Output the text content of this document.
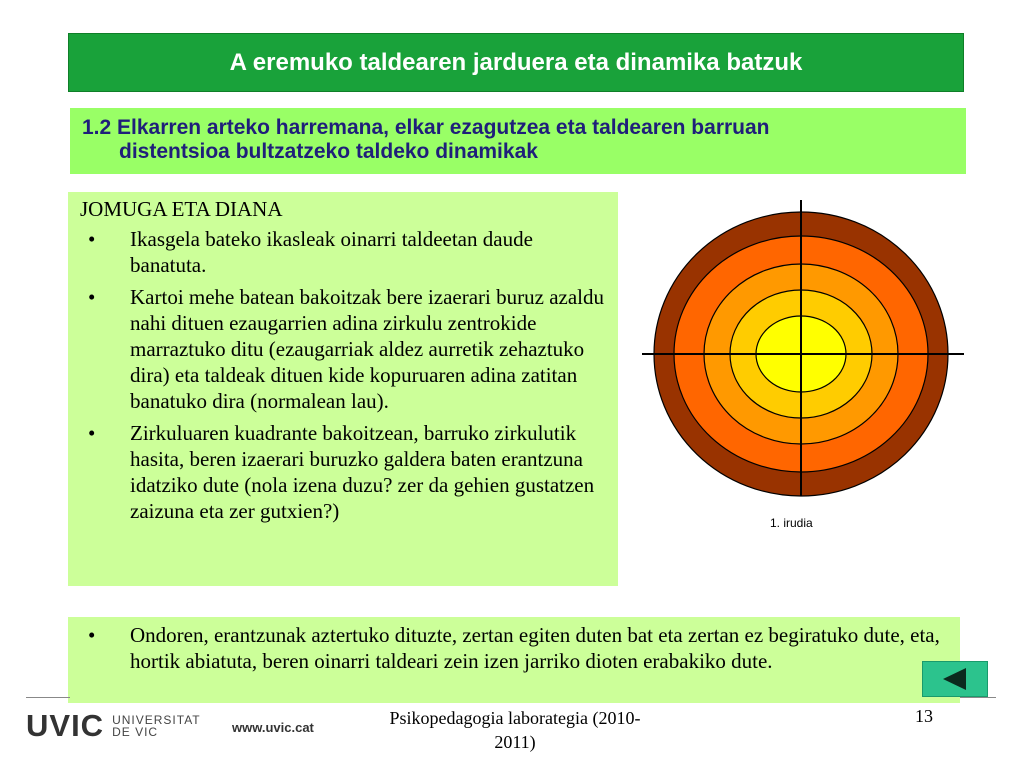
A eremuko taldearen jarduera eta dinamika batzuk
1.2 Elkarren arteko harremana, elkar ezagutzea eta taldearen barruan
distentsioa bultzatzeko taldeko dinamikak
JOMUGA ETA DIANA
• Ikasgela bateko ikasleak oinarri taldeetan daude banatuta.
• Kartoi mehe batean bakoitzak bere izaerari buruz azaldu nahi dituen ezaugarrien adina zirkulu zentrokide marraztuko ditu (ezaugarriak aldez aurretik zehaztuko dira) eta taldeak dituen kide kopuruaren adina zatitan banatuko dira (normalean lau).
• Zirkuluaren kuadrante bakoitzean, barruko zirkulutik hasita, beren izaerari buruzko galdera baten erantzuna idatziko dute (nola izena duzu? zer da gehien gustatzen zaizuna eta zer gutxien?)	1. irudia
• Ondoren, erantzunak aztertuko dituzte, zertan egiten duten bat eta zertan ez begiratuko dute, eta, hortik abiatuta, beren oinarri taldeari zein izen jarriko dioten erabakiko dute.
UVIC UNIVERSITAT
DE VIC	www.uvic.cat	Psikopedagogia laborategia (2010-2011)
13
